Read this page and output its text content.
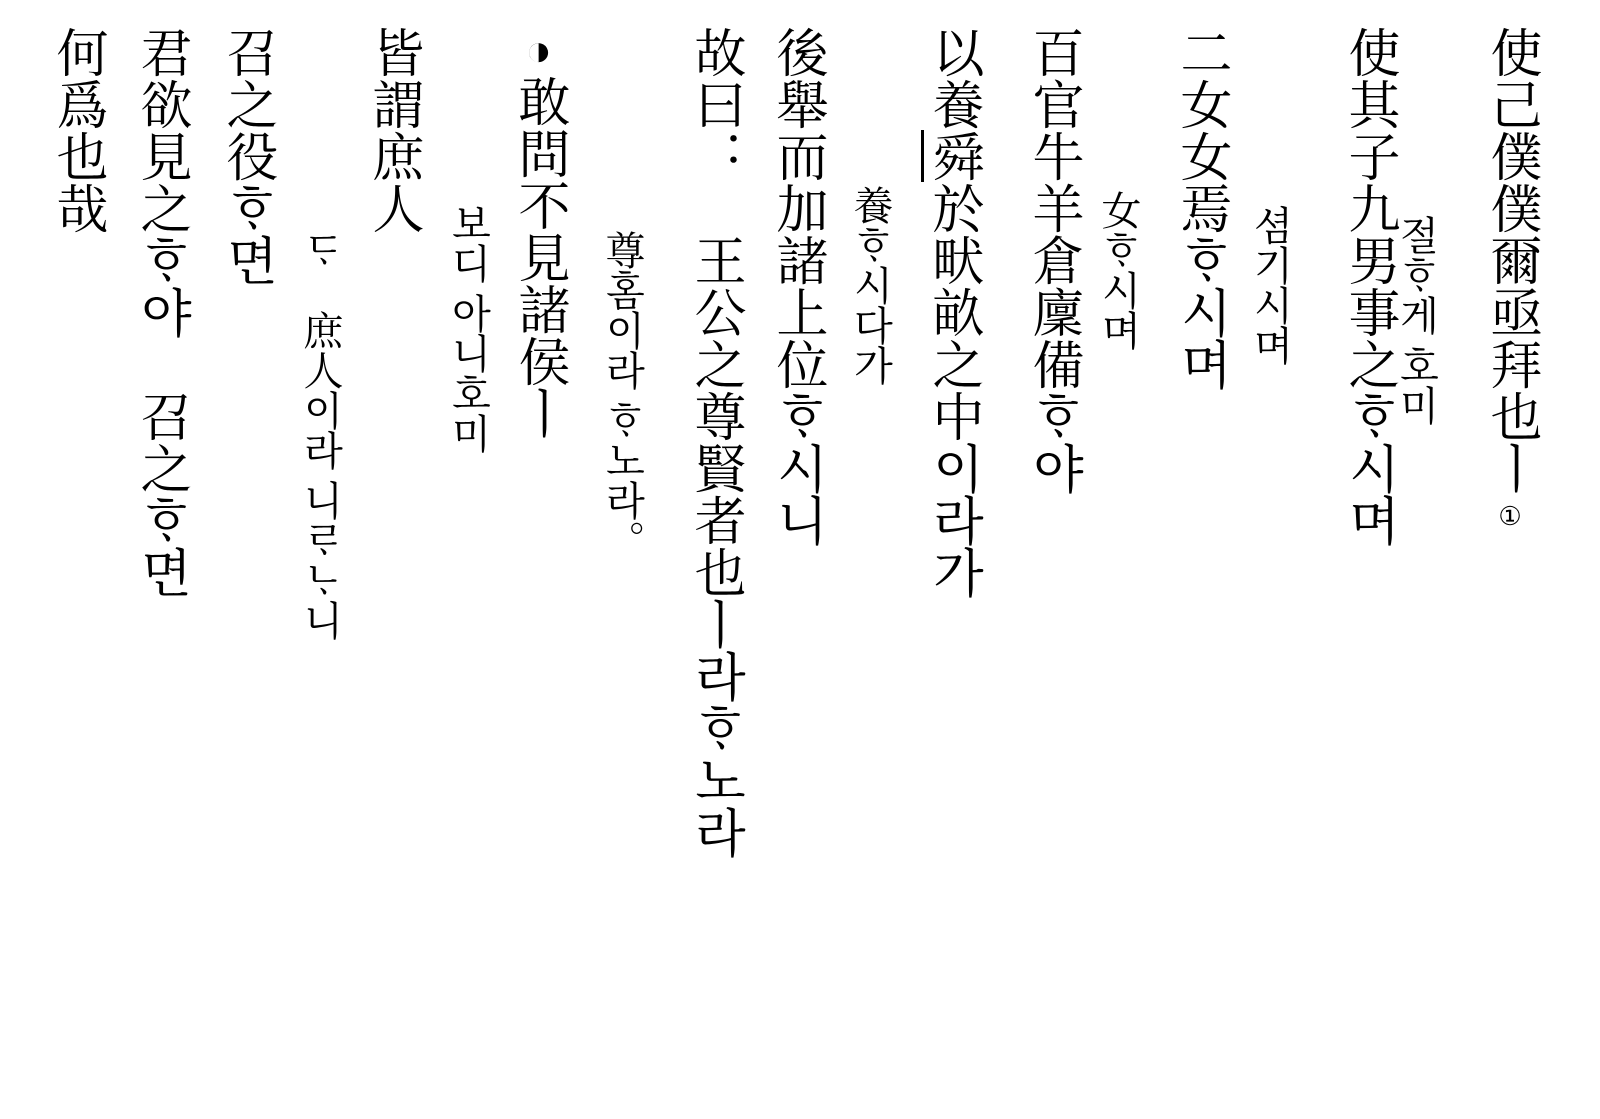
使己僕僕爾亟拜也ㅣ①
절ᄒᆞ게 호미
使其子九男事之ᄒᆞ시며
셤기시며
二女女焉ᄒᆞ시며
女ᄒᆞ시며
百官牛羊倉廩備ᄒᆞ야
以養舜於畎畝之中이라가
養ᄒᆞ시다가
後舉而加諸上位ᄒᆞ시니
故曰：　王公之尊賢者也ㅣ라ᄒᆞ노라
尊홈이라 ᄒᆞ노라。
◑敢問不見諸侯ㅣ
보디 아니호미
皆謂庶人
ᄃᆞ　庶人이라 니ᄅᆞᄂᆞ니
召之役ᄒᆞ면
君欲見之ᄒᆞ야　召之ᄒᆞ면
何爲也哉
